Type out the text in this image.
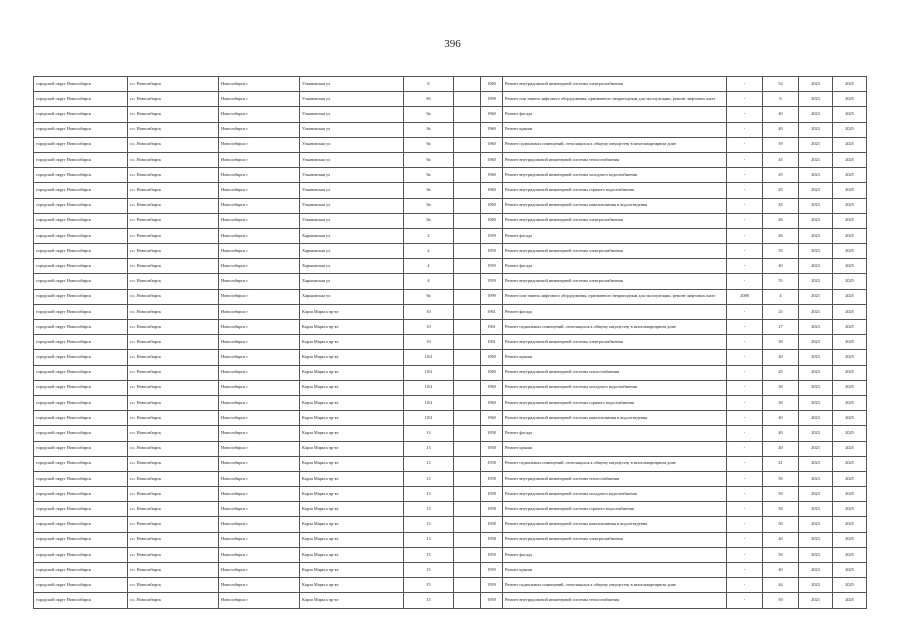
396
городской округ Новосибирск	г.о. Новосибирск	Новосибирск г	Ульяновская ул	8		1960	Ремонт внутридомовой инженерной системы электроснабжения	-	52	2023	2025
городской округ Новосибирск	г.о. Новосибирск	Новосибирск г	Ульяновская ул	8б		1999	Ремонт или замена лифтового оборудования, признанного непригодным для эксплуатации, ремонт лифтовых шахт	-	6	2023	2025
городской округ Новосибирск	г.о. Новосибирск	Новосибирск г	Ульяновская ул	8а		1960	Ремонт фасада	-	40	2023	2025
городской округ Новосибирск	г.о. Новосибирск	Новосибирск г	Ульяновская ул	8а		1960	Ремонт крыши	-	40	2023	2025
городской округ Новосибирск	г.о. Новосибирск	Новосибирск г	Ульяновская ул	8а		1960	Ремонт подвальных помещений, относящихся к общему имуществу в многоквартирном доме	-	39	2023	2025
городской округ Новосибирск	г.о. Новосибирск	Новосибирск г	Ульяновская ул	8а		1960	Ремонт внутридомовой инженерной системы теплоснабжения	-	45	2023	2025
городской округ Новосибирск	г.о. Новосибирск	Новосибирск г	Ульяновская ул	8а		1960	Ремонт внутридомовой инженерной системы холодного водоснабжения	-	45	2023	2025
городской округ Новосибирск	г.о. Новосибирск	Новосибирск г	Ульяновская ул	8а		1960	Ремонт внутридомовой инженерной системы горячего водоснабжения	-	45	2023	2025
городской округ Новосибирск	г.о. Новосибирск	Новосибирск г	Ульяновская ул	8а		1960	Ремонт внутридомовой инженерной системы канализования и водоотведения	-	45	2023	2025
городской округ Новосибирск	г.о. Новосибирск	Новосибирск г	Ульяновская ул	8а		1960	Ремонт внутридомовой инженерной системы электроснабжения	-	46	2023	2025
городской округ Новосибирск	г.о. Новосибирск	Новосибирск г	Харьковская ул	2		1959	Ремонт фасада	-	46	2023	2025
городской округ Новосибирск	г.о. Новосибирск	Новосибирск г	Харьковская ул	2		1959	Ремонт внутридомовой инженерной системы электроснабжения	-	55	2023	2025
городской округ Новосибирск	г.о. Новосибирск	Новосибирск г	Харьковская ул	4		1959	Ремонт фасада	-	40	2023	2025
городской округ Новосибирск	г.о. Новосибирск	Новосибирск г	Харьковская ул	4		1959	Ремонт внутридомовой инженерной системы электроснабжения	-	55	2023	2025
городской округ Новосибирск	г.о. Новосибирск	Новосибирск г	Харьковская ул	8а		1999	Ремонт или замена лифтового оборудования, признанного непригодным для эксплуатации, ремонт лифтовых шахт	2088	4	2023	2025
городской округ Новосибирск	г.о. Новосибирск	Новосибирск г	Карла Маркса пр-кт	10		1961	Ремонт фасада	-	25	2023	2025
городской округ Новосибирск	г.о. Новосибирск	Новосибирск г	Карла Маркса пр-кт	10		1961	Ремонт подвальных помещений, относящихся к общему имуществу в многоквартирном доме	-	27	2023	2025
городской округ Новосибирск	г.о. Новосибирск	Новосибирск г	Карла Маркса пр-кт	10		1961	Ремонт внутридомовой инженерной системы электроснабжения	-	30	2023	2025
городской округ Новосибирск	г.о. Новосибирск	Новосибирск г	Карла Маркса пр-кт	10/2		1960	Ремонт крыши	-	40	2023	2025
городской округ Новосибирск	г.о. Новосибирск	Новосибирск г	Карла Маркса пр-кт	10/2		1960	Ремонт внутридомовой инженерной системы теплоснабжения	-	45	2023	2025
городской округ Новосибирск	г.о. Новосибирск	Новосибирск г	Карла Маркса пр-кт	10/2		1960	Ремонт внутридомовой инженерной системы холодного водоснабжения	-	30	2023	2025
городской округ Новосибирск	г.о. Новосибирск	Новосибирск г	Карла Маркса пр-кт	10/2		1960	Ремонт внутридомовой инженерной системы горячего водоснабжения	-	30	2023	2025
городской округ Новосибирск	г.о. Новосибирск	Новосибирск г	Карла Маркса пр-кт	10/2		1960	Ремонт внутридомовой инженерной системы канализования и водоотведения	-	40	2023	2025
городской округ Новосибирск	г.о. Новосибирск	Новосибирск г	Карла Маркса пр-кт	13		1958	Ремонт фасада	-	40	2023	2025
городской округ Новосибирск	г.о. Новосибирск	Новосибирск г	Карла Маркса пр-кт	13		1958	Ремонт крыши	-	40	2023	2025
городской округ Новосибирск	г.о. Новосибирск	Новосибирск г	Карла Маркса пр-кт	13		1958	Ремонт подвальных помещений, относящихся к общему имуществу в многоквартирном доме	-	41	2023	2025
городской округ Новосибирск	г.о. Новосибирск	Новосибирск г	Карла Маркса пр-кт	13		1958	Ремонт внутридомовой инженерной системы теплоснабжения	-	50	2023	2025
городской округ Новосибирск	г.о. Новосибирск	Новосибирск г	Карла Маркса пр-кт	13		1958	Ремонт внутридомовой инженерной системы холодного водоснабжения	-	50	2023	2025
городской округ Новосибирск	г.о. Новосибирск	Новосибирск г	Карла Маркса пр-кт	13		1958	Ремонт внутридомовой инженерной системы горячего водоснабжения	-	50	2023	2025
городской округ Новосибирск	г.о. Новосибирск	Новосибирск г	Карла Маркса пр-кт	13		1958	Ремонт внутридомовой инженерной системы канализования и водоотведения	-	50	2023	2025
городской округ Новосибирск	г.о. Новосибирск	Новосибирск г	Карла Маркса пр-кт	13		1958	Ремонт внутридомовой инженерной системы электроснабжения	-	40	2023	2025
городской округ Новосибирск	г.о. Новосибирск	Новосибирск г	Карла Маркса пр-кт	15		1959	Ремонт фасада	-	50	2023	2025
городской округ Новосибирск	г.о. Новосибирск	Новосибирск г	Карла Маркса пр-кт	15		1959	Ремонт крыши	-	40	2023	2025
городской округ Новосибирск	г.о. Новосибирск	Новосибирск г	Карла Маркса пр-кт	15		1959	Ремонт подвальных помещений, относящихся к общему имуществу в многоквартирном доме	-	44	2023	2025
городской округ Новосибирск	г.о. Новосибирск	Новосибирск г	Карла Маркса пр-кт	15		1959	Ремонт внутридомовой инженерной системы теплоснабжения	-	50	2023	2025
